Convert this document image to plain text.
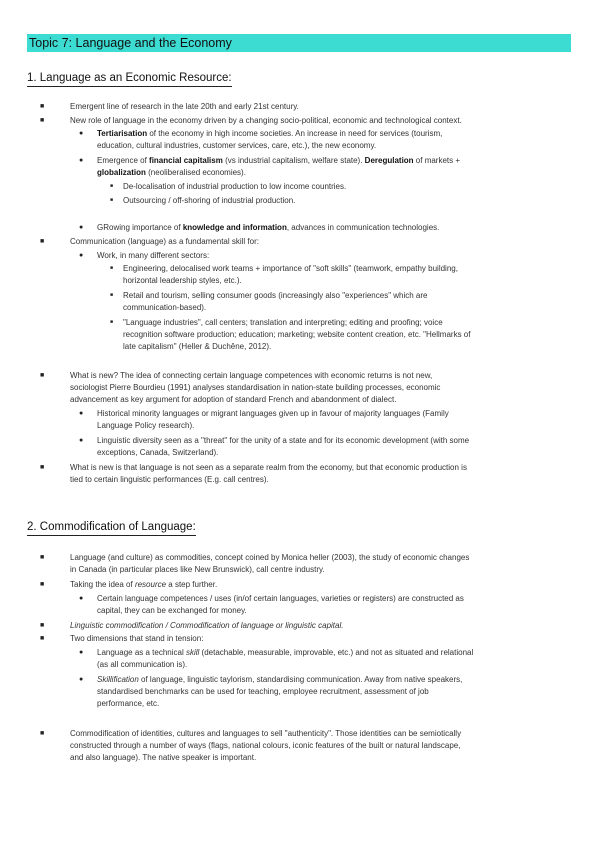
Topic 7: Language and the Economy
1. Language as an Economic Resource:
■	Emergent line of research in the late 20th and early 21st century.
■	New role of language in the economy driven by a changing socio-political, economic and technological context.
● Tertiarisation of the economy in high income societies. An increase in need for services (tourism,
education, cultural industries, customer services, care, etc.), the new economy.
● Emergence of financial capitalism (vs industrial capitalism, welfare state). Deregulation of markets +
globalization (neoliberalised economies).
■ De-localisation of industrial production to low income countries.
■ Outsourcing / off-shoring of industrial production.
● GRowing importance of knowledge and information, advances in communication technologies.
■	Communication (language) as a fundamental skill for:
● Work, in many different sectors:
■ Engineering, delocalised work teams + importance of "soft skills" (teamwork, empathy building,
horizontal leadership styles, etc.).
■ Retail and tourism, selling consumer goods (increasingly also "experiences" which are
communication-based).
■ "Language industries", call centers; translation and interpreting; editing and proofing; voice
recognition software production; education; marketing; website content creation, etc. "Hellmarks of
late capitalism" (Heller & Duchêne, 2012).
■	What is new? The idea of connecting certain language competences with economic returns is not new,
sociologist Pierre Bourdieu (1991) analyses standardisation in nation-state building processes, economic
advancement as key argument for adoption of standard French and abandonment of dialect.
● Historical minority languages or migrant languages given up in favour of majority languages (Family
Language Policy research).
● Linguistic diversity seen as a "threat" for the unity of a state and for its economic development (with some
exceptions, Canada, Switzerland).
■	What is new is that language is not seen as a separate realm from the economy, but that economic production is
tied to certain linguistic performances (E.g. call centres).
2. Commodification of Language:
■	Language (and culture) as commodities, concept coined by Monica heller (2003), the study of economic changes
in Canada (in particular places like New Brunswick), call centre industry.
■	Taking the idea of resource a step further.
● Certain language competences / uses (in/of certain languages, varieties or registers) are constructed as
capital, they can be exchanged for money.
■	Linguistic commodification / Commodification of language or linguistic capital.
■	Two dimensions that stand in tension:
● Language as a technical skill (detachable, measurable, improvable, etc.) and not as situated and relational
(as all communication is).
● Skillification of language, linguistic taylorism, standardising communication. Away from native speakers,
standardised benchmarks can be used for teaching, employee recruitment, assessment of job
performance, etc.
■	Commodification of identities, cultures and languages to sell "authenticity". Those identities can be semiotically
constructed through a number of ways (flags, national colours, iconic features of the built or natural landscape,
and also language). The native speaker is important.
